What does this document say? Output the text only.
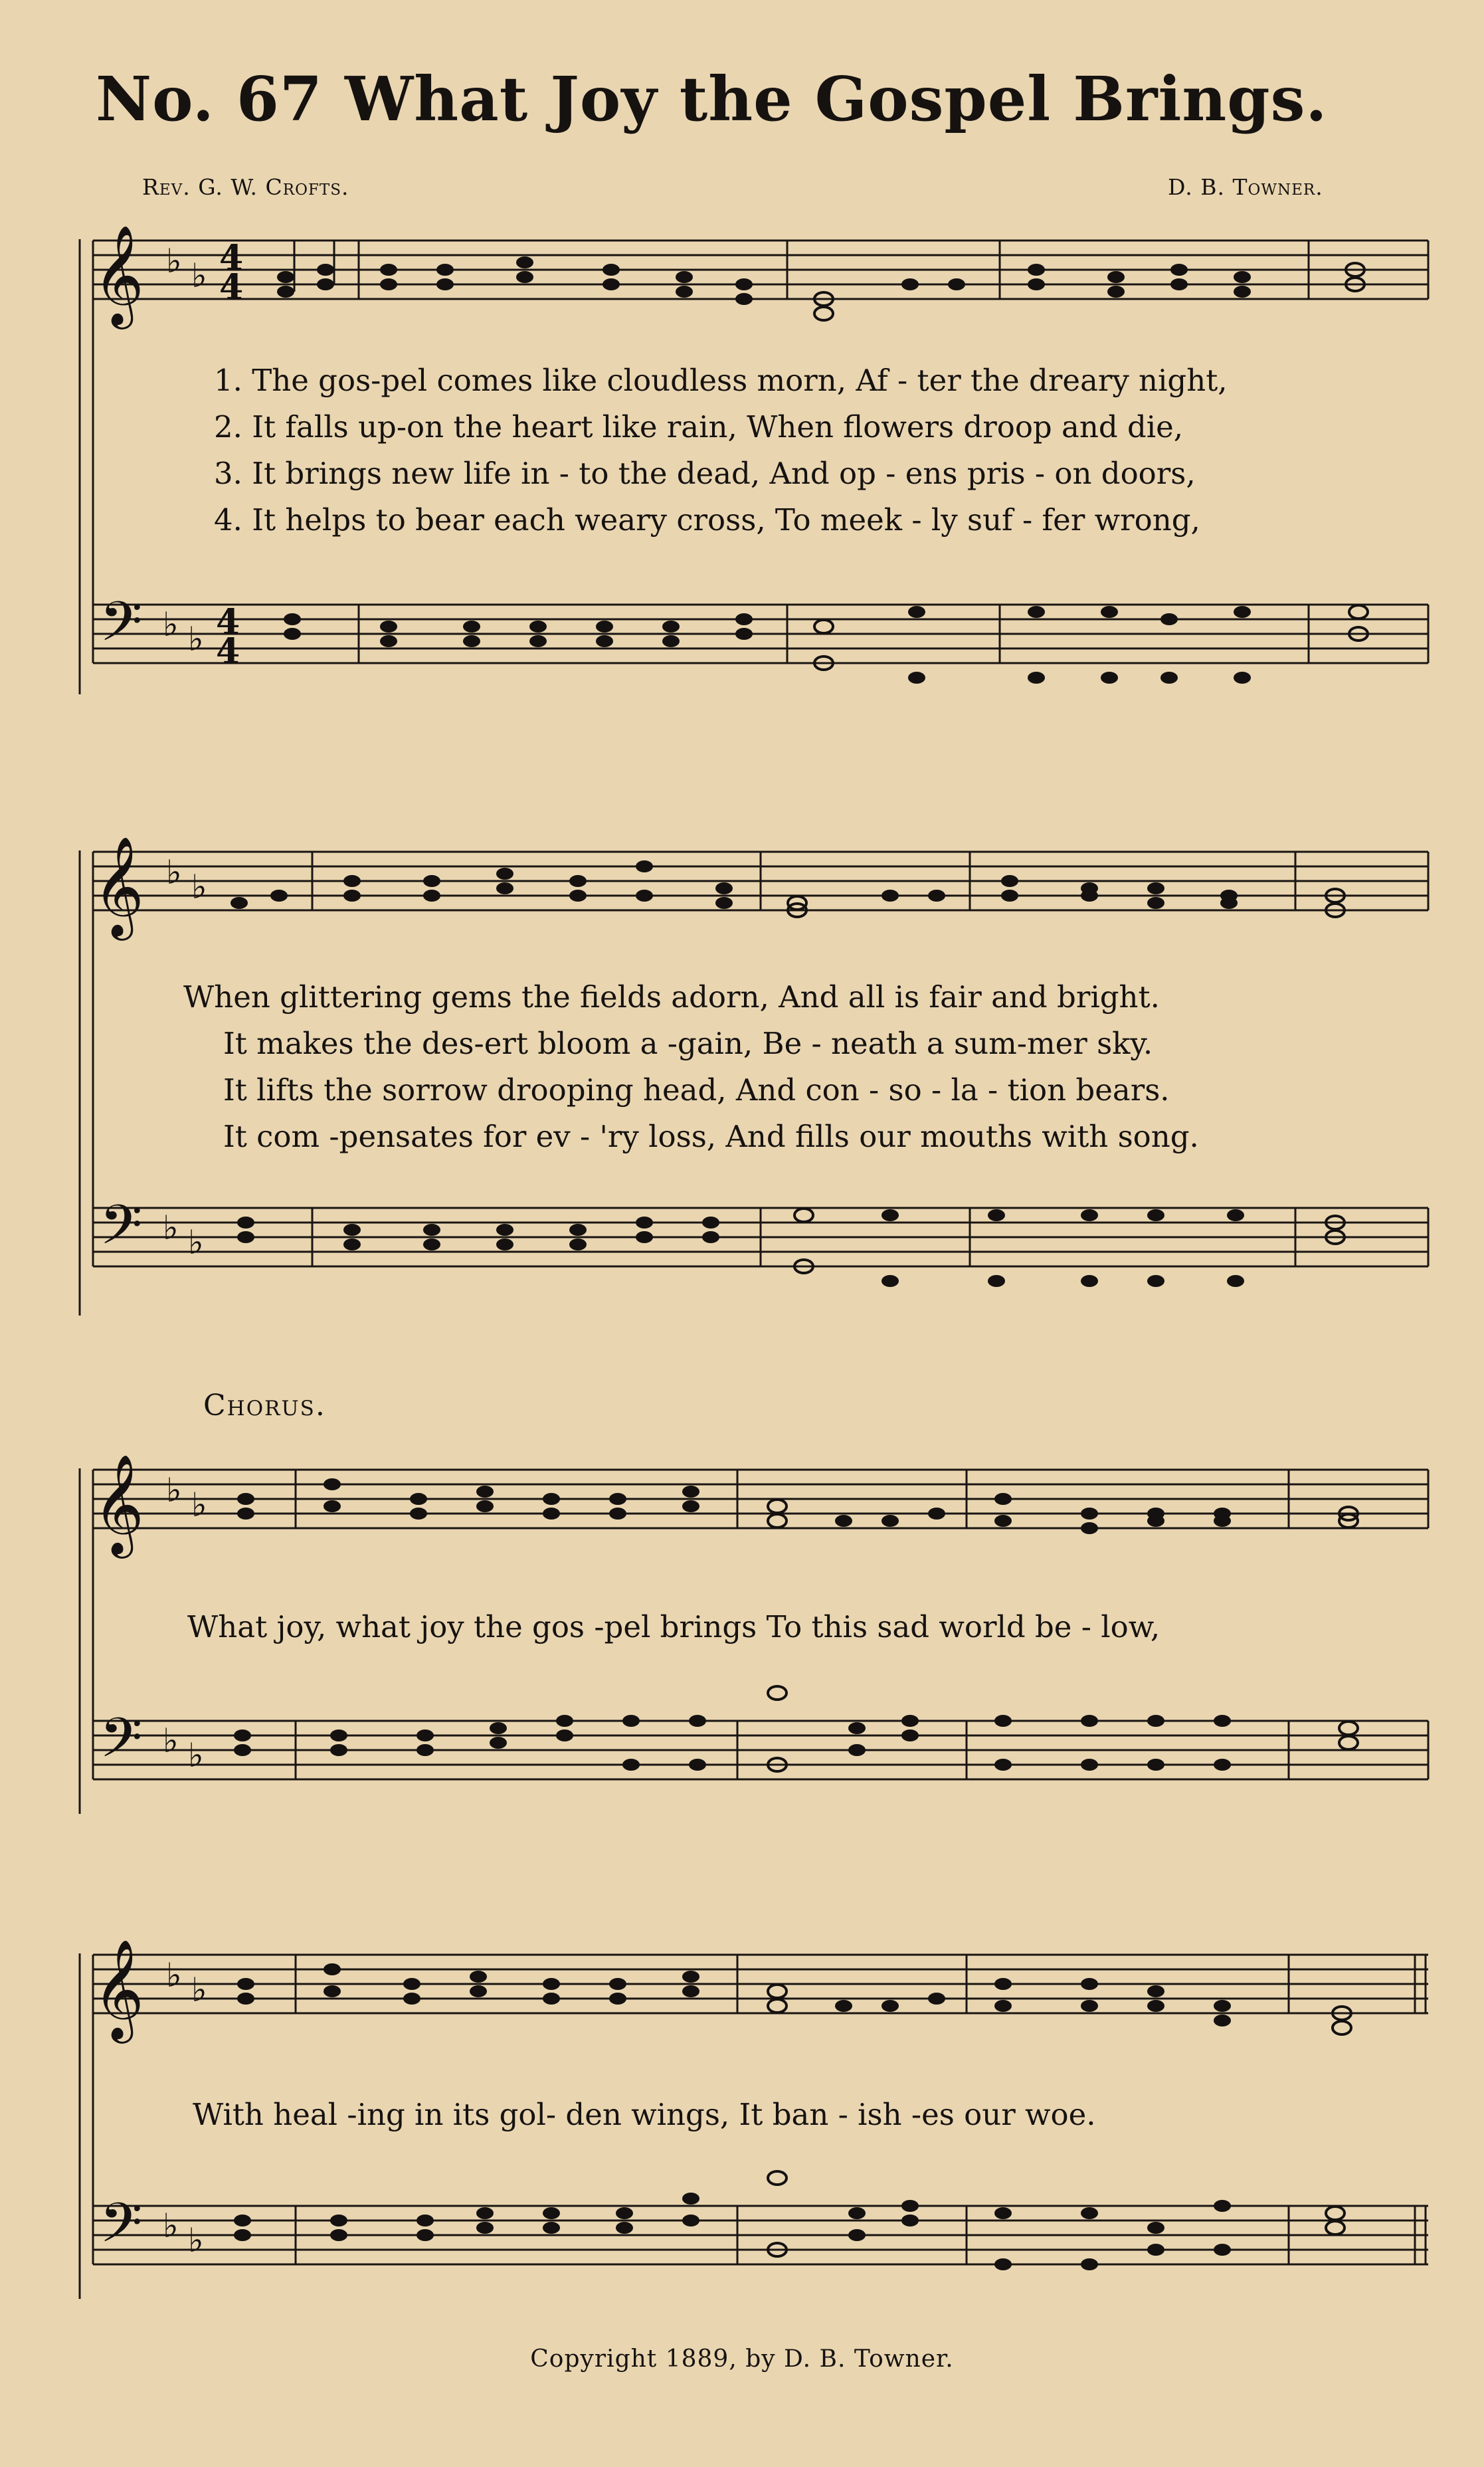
No. 67 What Joy the Gospel Brings.
Rev. G. W. Crofts.	D. B. Towner.
𝄞
𝄢
♭ ♭
♭ ♭
4
4
4
4
1. The gos-pel comes like cloudless morn, Af - ter the dreary night,
2. It falls up-on the heart like rain, When flowers droop and die,
3. It brings new life in - to the dead, And op - ens pris - on doors,
4. It helps to bear each weary cross, To meek - ly suf - fer wrong,
𝄞
𝄢
♭ ♭
♭ ♭
When glittering gems the fields adorn, And all is fair and bright.
It makes the des-ert bloom a -gain, Be - neath a sum-mer sky.
It lifts the sorrow drooping head, And con - so - la - tion bears.
It com -pensates for ev - 'ry loss, And fills our mouths with song.
Chorus.
𝄞
𝄢
♭ ♭
♭ ♭
What joy, what joy the gos -pel brings To this sad world be - low,
𝄞
𝄢
♭ ♭
♭ ♭
With heal -ing in its gol- den wings, It ban - ish -es our woe.
Copyright 1889, by D. B. Towner.
